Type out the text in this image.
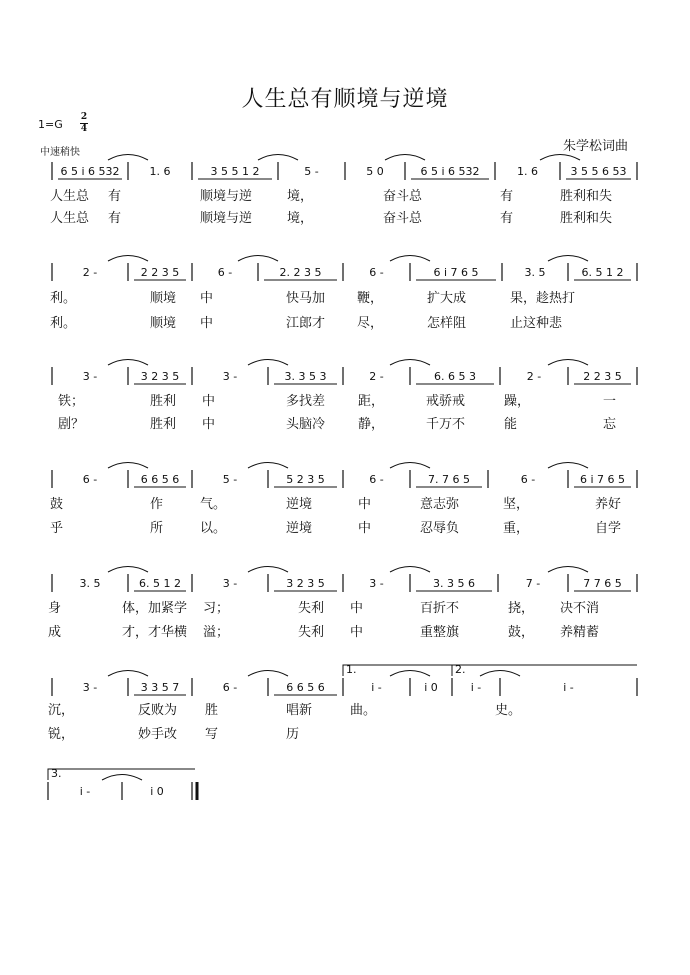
人生总有顺境与逆境
1=G
2
4
中速稍快	朱学松词曲
6 5 i 6 532	1. 6	3 5 5 1 2	5 -	5 0	6 5 i 6 532	1. 6	3 5 5 6 53
2 -	2 2 3 5	6 -	2. 2 3 5	6 -	6 i 7 6 5	3. 5	6. 5 1 2
3 -	3 2 3 5	3 -	3. 3 5 3	2 -	6. 6 5 3	2 -	2 2 3 5
6 -	6 6 5 6	5 -	5 2 3 5	6 -	7. 7 6 5	6 -	6 i 7 6 5
3. 5	6. 5 1 2	3 -	3 2 3 5	3 -	3. 3 5 6	7 -	7 7 6 5
3 -	3 3 5 7	6 -	6 6 5 6	i -	i 0	i -	i -
1.	2.
i -	i 0
3.
人生总 有	顺境与逆	境，	奋斗总	有	胜利和失
人生总 有	顺境与逆	境，	奋斗总	有	胜利和失
利。	顺境 中	快马加 鞭，	扩大成	果，趁热打
利。	顺境 中	江郎才 尽，	怎样阻	止这种悲
铁；	胜利 中	多找差	距，	戒骄戒	躁，	一
剧？	胜利 中	头脑冷	静，	千万不	能	忘
鼓	作	气。	逆境	中	意志弥	坚，	养好
乎	所	以。	逆境	中	忍辱负	重，	自学
身	体，加紧学 习；	失利 中	百折不	挠， 决不消
成	才，才华横 溢；	失利 中	重整旗	鼓， 养精蓄
沉，	反败为 胜	唱新	曲。	史。
锐，	妙手改 写	历
